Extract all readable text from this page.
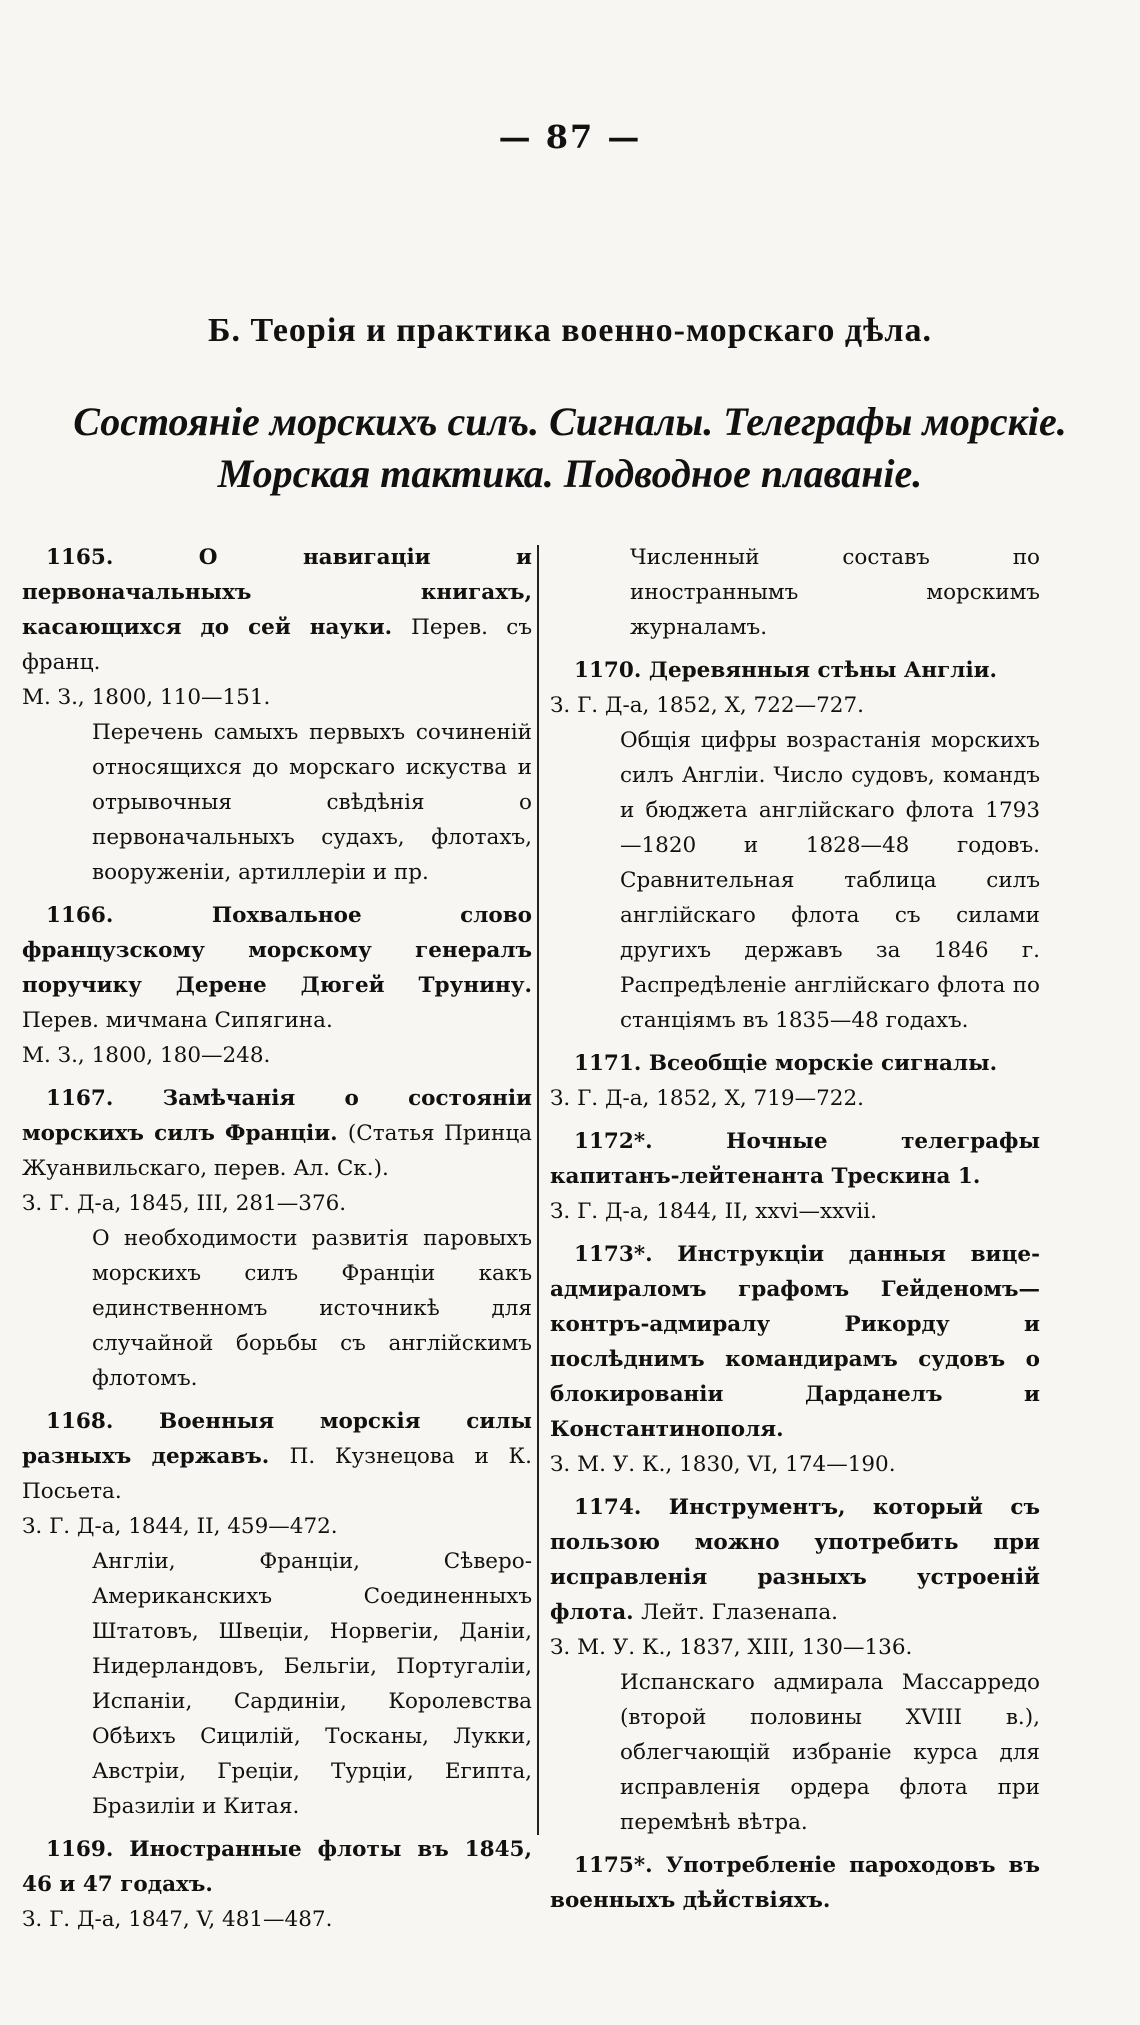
— 87 —
Б. Теорія и практика военно-морскаго дѣла.
Состояніе морскихъ силъ. Сигналы. Телеграфы морскіе.
Морская тактика. Подводное плаваніе.
1165.	О навигаціи и первоначальныхъ книгахъ, касающихся до сей науки. Перев. съ франц.
М. З., 1800, 110—151.
Перечень самыхъ первыхъ сочиненій относящихся до морскаго искуства и отрывочныя свѣдѣнія о первоначальныхъ судахъ, флотахъ, вооруженіи, артиллеріи и пр.
1166.	Похвальное слово французскому морскому генералъ поручику Дерене Дюгей Трунину. Перев. мичмана Сипягина.
М. З., 1800, 180—248.
1167. Замѣчанія о состояніи морскихъ силъ Франціи. (Статья Принца Жуанвильскаго, перев. Ал. Ск.).
З. Г. Д-а, 1845, III, 281—376.
О необходимости развитія паровыхъ морскихъ силъ Франціи какъ единственномъ источникѣ для случайной борьбы съ англійскимъ флотомъ.
1168. Военныя морскія силы разныхъ державъ. П. Кузнецова и К. Посьета.
З. Г. Д-а, 1844, II, 459—472.
Англіи, Франціи, Сѣверо-Американскихъ Соединенныхъ Штатовъ, Швеціи, Норвегіи, Даніи, Нидерландовъ, Бельгіи, Португаліи, Испаніи, Сардиніи, Королевства Обѣихъ Сицилій, Тосканы, Лукки, Австріи, Греціи, Турціи, Египта, Бразиліи и Китая.
1169. Иностранные флоты въ 1845, 46 и 47 годахъ.
З. Г. Д-а, 1847, V, 481—487.
Численный составъ по иностраннымъ морскимъ журналамъ.
1170. Деревянныя стѣны Англіи.
З. Г. Д-а, 1852, X, 722—727.
Общія цифры возрастанія морскихъ силъ Англіи. Число судовъ, командъ и бюджета англійскаго флота 1793—1820 и 1828—48 годовъ. Сравнительная таблица силъ англійскаго флота съ силами другихъ державъ за 1846 г. Распредѣленіе англійскаго флота по станціямъ въ 1835—48 годахъ.
1171. Всеобщіе морскіе сигналы.
З. Г. Д-а, 1852, X, 719—722.
1172*.	Ночные телеграфы капитанъ-лейтенанта Трескина 1.
З. Г. Д-а, 1844, II, xxvi—xxvii.
1173*. Инструкціи данныя вице-адмираломъ графомъ Гейденомъ—контръ-адмиралу Рикорду и послѣднимъ командирамъ судовъ о блокированіи Дарданелъ и Константинополя.
З. М. У. К., 1830, VI, 174—190.
1174. Инструментъ, который съ пользою можно употребить при исправленія разныхъ устроеній флота. Лейт. Глазенапа.
З. М. У. К., 1837, XIII, 130—136.
Испанскаго адмирала Массарредо (второй половины XVIII в.), облегчающій избраніе курса для исправленія ордера флота при перемѣнѣ вѣтра.
1175*. Употребленіе пароходовъ въ военныхъ дѣйствіяхъ.
